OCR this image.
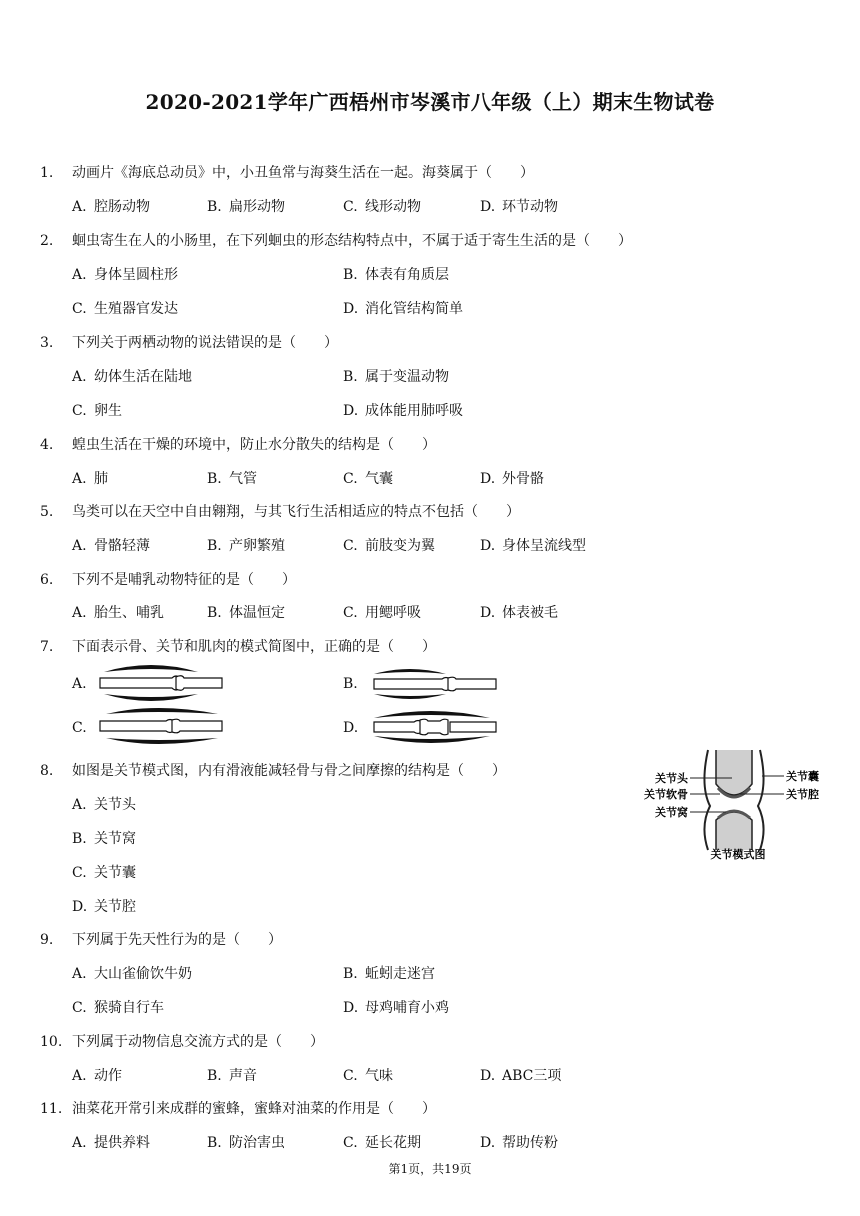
2020-2021学年广西梧州市岑溪市八年级（上）期末生物试卷
1. 动画片《海底总动员》中，小丑鱼常与海葵生活在一起。海葵属于（　　）
A. 腔肠动物	B. 扁形动物	C. 线形动物	D. 环节动物
2. 蛔虫寄生在人的小肠里，在下列蛔虫的形态结构特点中，不属于适于寄生生活的是（　　）
A. 身体呈圆柱形	B. 体表有角质层
C. 生殖器官发达	D. 消化管结构简单
3. 下列关于两栖动物的说法错误的是（　　）
A. 幼体生活在陆地	B. 属于变温动物
C. 卵生	D. 成体能用肺呼吸
4. 蝗虫生活在干燥的环境中，防止水分散失的结构是（　　）
A. 肺	B. 气管	C. 气囊	D. 外骨骼
5. 鸟类可以在天空中自由翱翔，与其飞行生活相适应的特点不包括（　　）
A. 骨骼轻薄	B. 产卵繁殖	C. 前肢变为翼	D. 身体呈流线型
6. 下列不是哺乳动物特征的是（　　）
A. 胎生、哺乳	B. 体温恒定	C. 用鳃呼吸	D. 体表被毛
7. 下面表示骨、关节和肌肉的模式简图中，正确的是（　　）
A.	B.
C.	D.
8. 如图是关节模式图，内有滑液能减轻骨与骨之间摩擦的结构是（　　）
A. 关节头
B. 关节窝
C. 关节囊
D. 关节腔
关节头
关节软骨
关节窝
关节囊
关节腔
关节模式图
9. 下列属于先天性行为的是（　　）
A. 大山雀偷饮牛奶	B. 蚯蚓走迷宫
C. 猴骑自行车	D. 母鸡哺育小鸡
10. 下列属于动物信息交流方式的是（　　）
A. 动作	B. 声音	C. 气味	D. ABC三项
11. 油菜花开常引来成群的蜜蜂，蜜蜂对油菜的作用是（　　）
A. 提供养料	B. 防治害虫	C. 延长花期	D. 帮助传粉
第1页，共19页
